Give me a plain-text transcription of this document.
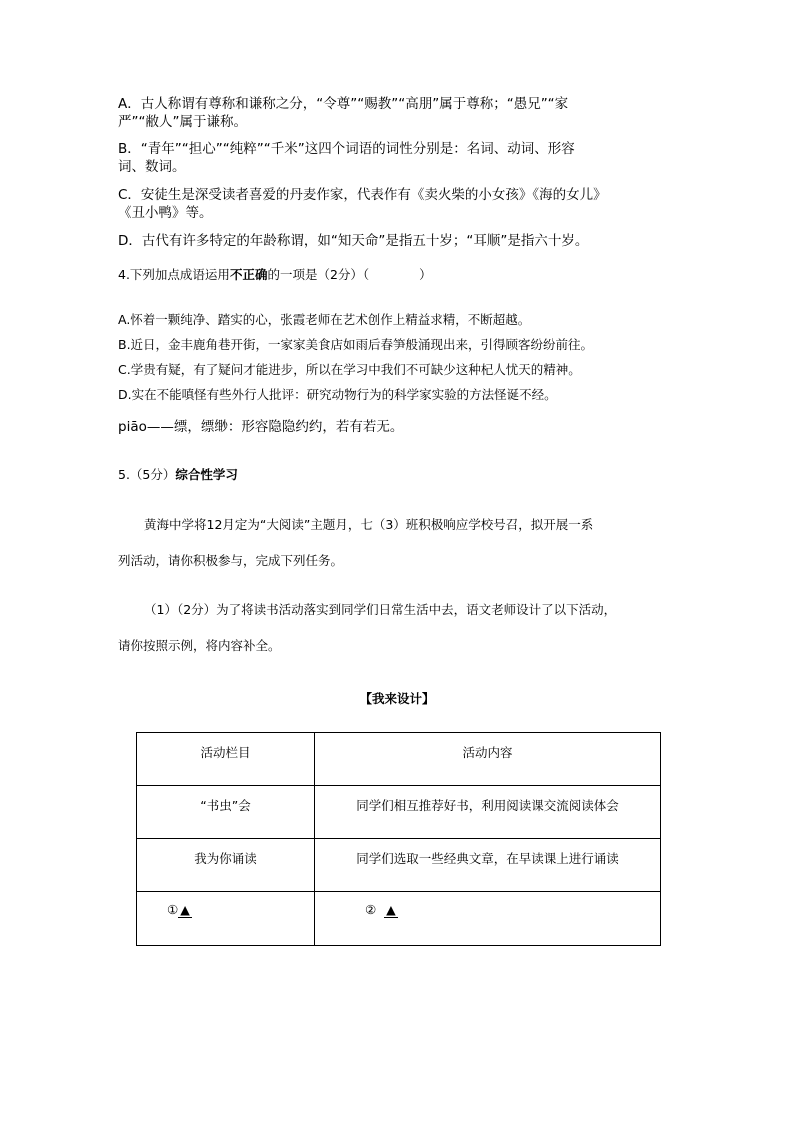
A．古人称谓有尊称和谦称之分，“令尊”“赐教”“高朋”属于尊称；“愚兄”“家
严”“敝人”属于谦称。
B．“青年”“担心”“纯粹”“千米”这四个词语的词性分别是：名词、动词、形容
词、数词。
C．安徒生是深受读者喜爱的丹麦作家，代表作有《卖火柴的小女孩》《海的女儿》
《丑小鸭》等。
D．古代有许多特定的年龄称谓，如“知天命”是指五十岁；“耳顺”是指六十岁。
4.下列加点成语运用不正确的一项是（2分）（　　　　）
A.怀着一颗纯净、踏实的心，张霞老师在艺术创作上精益求精，不断超越。
B.近日，金丰鹿角巷开街，一家家美食店如雨后春笋般涌现出来，引得顾客纷纷前往。
C.学贵有疑，有了疑问才能进步，所以在学习中我们不可缺少这种杞人忧天的精神。
D.实在不能嗔怪有些外行人批评：研究动物行为的科学家实验的方法怪诞不经。
piāo——缥，缥缈：形容隐隐约约，若有若无。
5.（5分）综合性学习
黄海中学将12月定为“大阅读”主题月，七（3）班积极响应学校号召，拟开展一系
列活动，请你积极参与，完成下列任务。
（1）（2分）为了将读书活动落实到同学们日常生活中去，语文老师设计了以下活动，
请你按照示例，将内容补全。
【我来设计】
活动栏目	活动内容
“书虫”会	同学们相互推荐好书，利用阅读课交流阅读体会
我为你诵读	同学们选取一些经典文章，在早读课上进行诵读
① ▲	② ▲
